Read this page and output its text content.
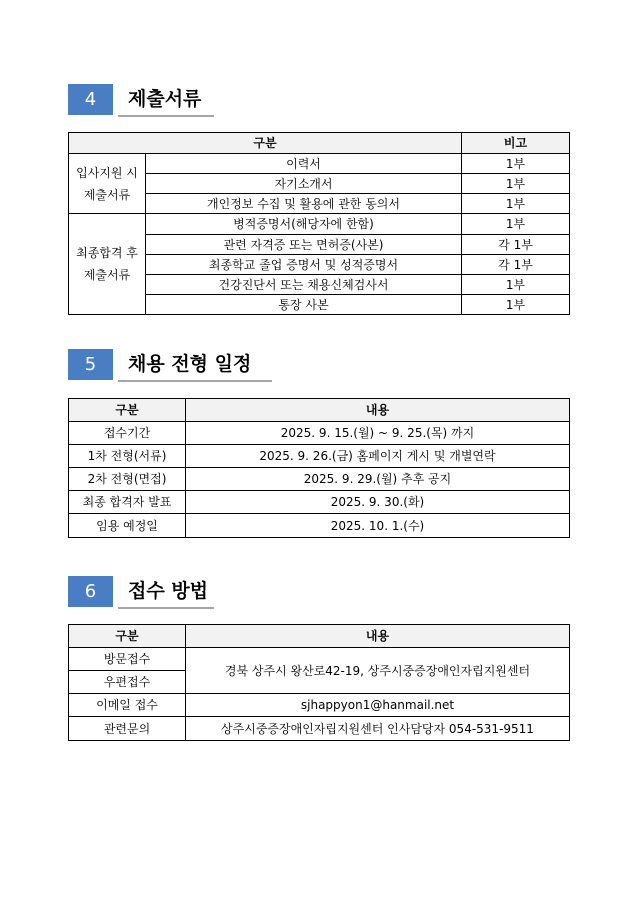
4	제출서류
구분		비고
입사지원 시 제출서류	이력서	1부
	자기소개서	1부
	개인정보 수집 및 활용에 관한 동의서	1부
최종합격 후 제출서류	병적증명서(해당자에 한함)	1부
	관련 자격증 또는 면허증(사본)	각 1부
	최종학교 졸업 증명서 및 성적증명서	각 1부
	건강진단서 또는 채용신체검사서	1부
	통장 사본	1부
5	채용 전형 일정
구분	내용
접수기간	2025. 9. 15.(월) ~ 9. 25.(목) 까지
1차 전형(서류)	2025. 9. 26.(금) 홈페이지 게시 및 개별연락
2차 전형(면접)	2025. 9. 29.(월) 추후 공지
최종 합격자 발표	2025. 9. 30.(화)
임용 예정일	2025. 10. 1.(수)
6	접수 방법
구분	내용
방문접수	경북 상주시 왕산로42-19, 상주시중증장애인자립지원센터
우편접수	
이메일 접수	sjhappyon1@hanmail.net
관련문의	상주시중증장애인자립지원센터 인사담당자 054-531-9511
